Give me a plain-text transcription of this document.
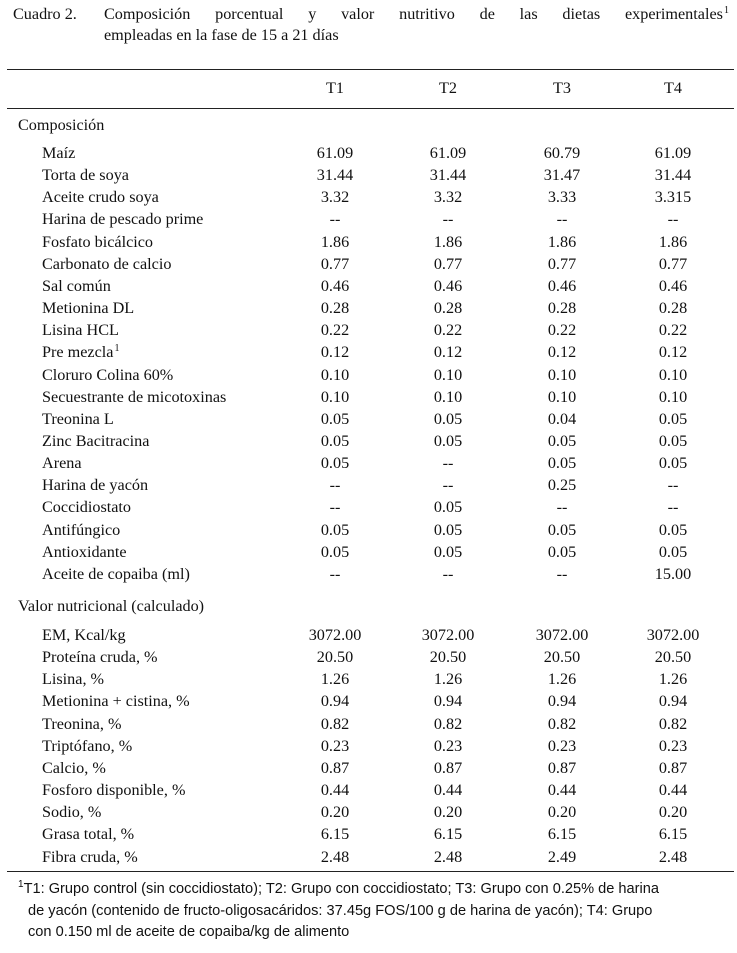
Cuadro 2.	Composición porcentual y valor nutritivo de las dietas experimentales$^1$
empleadas en la fase de 15 a 21 días
T1	T2	T3	T4
Composición
Maíz	61.09	61.09	60.79	61.09
Torta de soya	31.44	31.44	31.47	31.44
Aceite crudo soya	3.32	3.32	3.33	3.315
Harina de pescado prime	--	--	--	--
Fosfato bicálcico	1.86	1.86	1.86	1.86
Carbonato de calcio	0.77	0.77	0.77	0.77
Sal común	0.46	0.46	0.46	0.46
Metionina DL	0.28	0.28	0.28	0.28
Lisina HCL	0.22	0.22	0.22	0.22
Pre mezcla$^1$	0.12	0.12	0.12	0.12
Cloruro Colina 60%	0.10	0.10	0.10	0.10
Secuestrante de micotoxinas	0.10	0.10	0.10	0.10
Treonina L	0.05	0.05	0.04	0.05
Zinc Bacitracina	0.05	0.05	0.05	0.05
Arena	0.05	--	0.05	0.05
Harina de yacón	--	--	0.25	--
Coccidiostato	--	0.05	--	--
Antifúngico	0.05	0.05	0.05	0.05
Antioxidante	0.05	0.05	0.05	0.05
Aceite de copaiba (ml)	--	--	--	15.00
Valor nutricional (calculado)
EM, Kcal/kg	3072.00	3072.00	3072.00	3072.00
Proteína cruda, %	20.50	20.50	20.50	20.50
Lisina, %	1.26	1.26	1.26	1.26
Metionina + cistina, %	0.94	0.94	0.94	0.94
Treonina, %	0.82	0.82	0.82	0.82
Triptófano, %	0.23	0.23	0.23	0.23
Calcio, %	0.87	0.87	0.87	0.87
Fosforo disponible, %	0.44	0.44	0.44	0.44
Sodio, %	0.20	0.20	0.20	0.20
Grasa total, %	6.15	6.15	6.15	6.15
Fibra cruda, %	2.48	2.48	2.49	2.48
$^1$T1: Grupo control (sin coccidiostato); T2: Grupo con coccidiostato; T3: Grupo con 0.25% de harina
de yacón (contenido de fructo-oligosacáridos: 37.45g FOS/100 g de harina de yacón); T4: Grupo
con 0.150 ml de aceite de copaiba/kg de alimento
